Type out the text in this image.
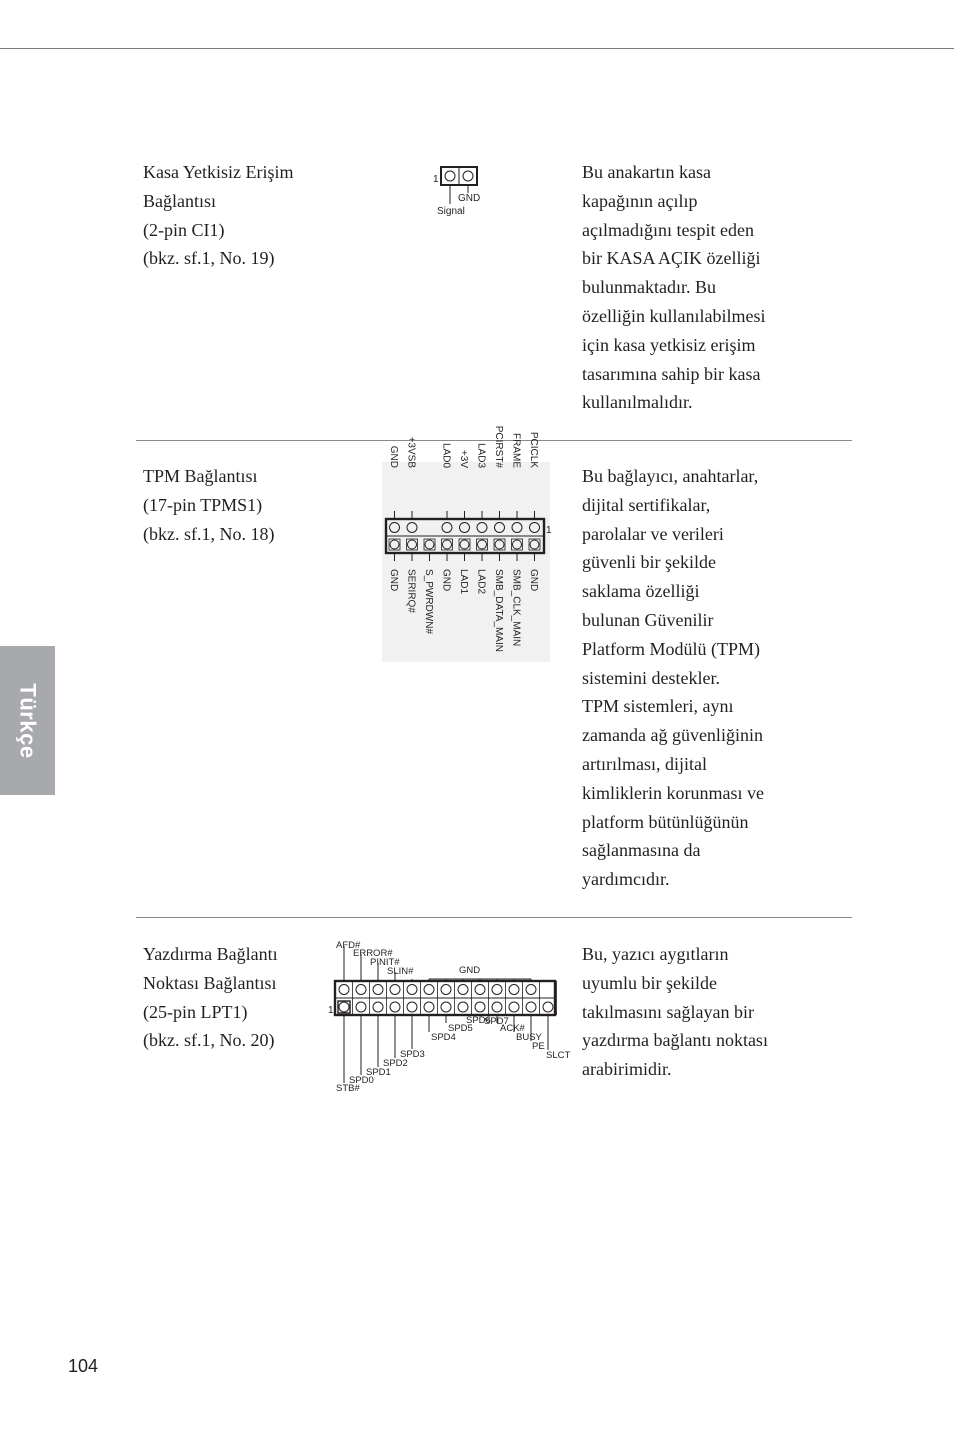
Kasa Yetkisiz Erişim
Bağlantısı
(2-pin CI1)
(bkz. sf.1, No. 19)
1
GND
Signal
Bu anakartın kasa
kapağının açılıp
açılmadığını tespit eden
bir KASA AÇIK özelliği
bulunmaktadır. Bu
özelliğin kullanılabilmesi
için kasa yetkisiz erişim
tasarımına sahip bir kasa
kullanılmalıdır.
TPM Bağlantısı
(17-pin TPMS1)
(bkz. sf.1, No. 18)
GND +3VSB LAD0 +3V LAD3 PCIRST# FRAME PCICLK
GND SERIRQ# S_PWRDWN# GND LAD1 LAD2 SMB_DATA_MAIN SMB_CLK_MAIN GND
1
Bu bağlayıcı, anahtarlar,
dijital sertifikalar,
parolalar ve verileri
güvenli bir şekilde
saklama özelliği
bulunan Güvenilir
Platform Modülü (TPM)
sistemini destekler.
TPM sistemleri, aynı
zamanda ağ güvenliğinin
artırılması, dijital
kimliklerin korunması ve
platform bütünlüğünün
sağlanmasına da
yardımcıdır.
Yazdırma Bağlantı
Noktası Bağlantısı
(25-pin LPT1)
(bkz. sf.1, No. 20)
1
AFD#
ERROR#
PINIT#
SLIN#	GND
STB#
SPD0
SPD1
SPD2
SPD3
SPD4
SPD5
SPD6
SPD7
ACK#
BUSY
PE
SLCT
Bu, yazıcı aygıtların
uyumlu bir şekilde
takılmasını sağlayan bir
yazdırma bağlantı noktası
arabirimidir.
Türkçe
104
